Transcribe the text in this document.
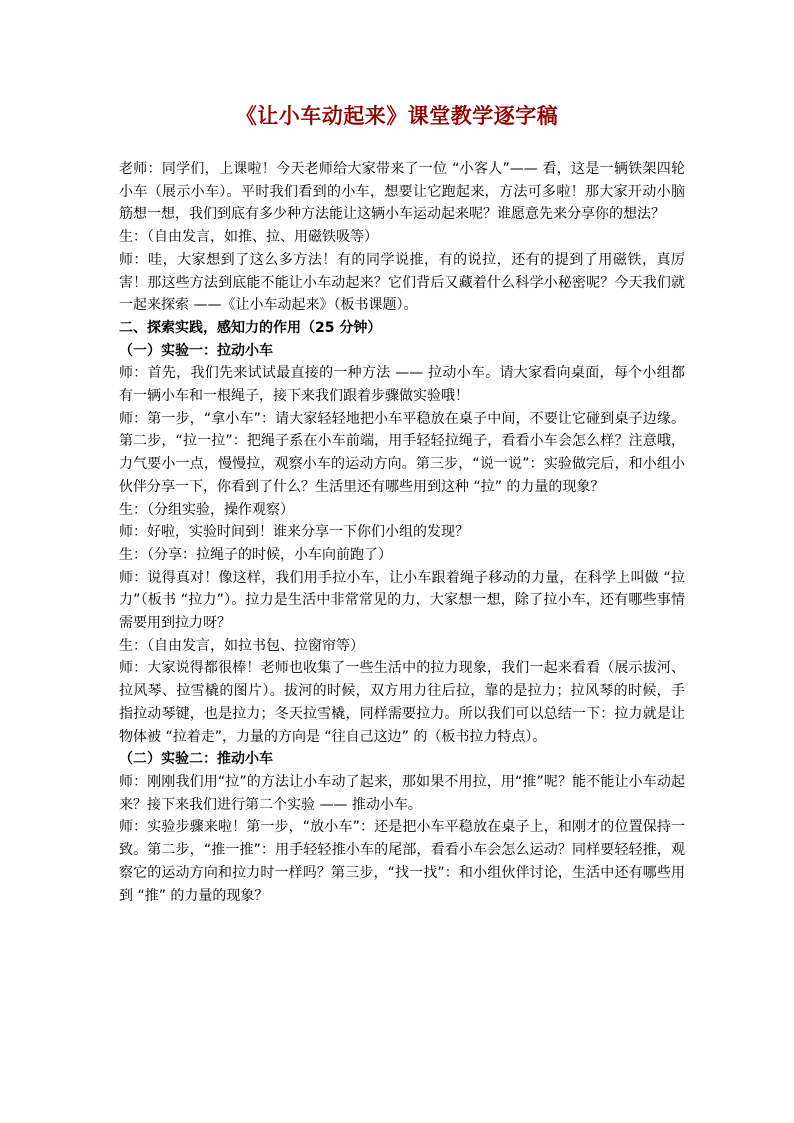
《让小车动起来》课堂教学逐字稿

老师：同学们，上课啦！今天老师给大家带来了一位 “小客人”—— 看，这是一辆铁架四轮小车（展示小车）。平时我们看到的小车，想要让它跑起来，方法可多啦！那大家开动小脑筋想一想，我们到底有多少种方法能让这辆小车运动起来呢？谁愿意先来分享你的想法？

生：（自由发言，如推、拉、用磁铁吸等）

师：哇，大家想到了这么多方法！有的同学说推，有的说拉，还有的提到了用磁铁，真厉害！那这些方法到底能不能让小车动起来？它们背后又藏着什么科学小秘密呢？今天我们就一起来探索 ——《让小车动起来》（板书课题）。

二、探索实践，感知力的作用（25 分钟）

（一）实验一：拉动小车

师：首先，我们先来试试最直接的一种方法 —— 拉动小车。请大家看向桌面，每个小组都有一辆小车和一根绳子，接下来我们跟着步骤做实验哦！

师：第一步，“拿小车”：请大家轻轻地把小车平稳放在桌子中间，不要让它碰到桌子边缘。第二步，“拉一拉”：把绳子系在小车前端，用手轻轻拉绳子，看看小车会怎么样？注意哦，力气要小一点，慢慢拉，观察小车的运动方向。第三步，“说一说”：实验做完后，和小组小伙伴分享一下，你看到了什么？生活里还有哪些用到这种 “拉” 的力量的现象？

生：（分组实验，操作观察）

师：好啦，实验时间到！谁来分享一下你们小组的发现？

生：（分享：拉绳子的时候，小车向前跑了）

师：说得真对！像这样，我们用手拉小车，让小车跟着绳子移动的力量，在科学上叫做 “拉力”（板书 “拉力”）。拉力是生活中非常常见的力，大家想一想，除了拉小车，还有哪些事情需要用到拉力呀？

生：（自由发言，如拉书包、拉窗帘等）

师：大家说得都很棒！老师也收集了一些生活中的拉力现象，我们一起来看看（展示拔河、拉风琴、拉雪橇的图片）。拔河的时候，双方用力往后拉，靠的是拉力；拉风琴的时候，手指拉动琴键，也是拉力；冬天拉雪橇，同样需要拉力。所以我们可以总结一下：拉力就是让物体被 “拉着走”，力量的方向是 “往自己这边” 的（板书拉力特点）。

（二）实验二：推动小车

师：刚刚我们用“拉”的方法让小车动了起来，那如果不用拉，用“推”呢？能不能让小车动起来？接下来我们进行第二个实验 —— 推动小车。

师：实验步骤来啦！第一步，“放小车”：还是把小车平稳放在桌子上，和刚才的位置保持一致。第二步，“推一推”：用手轻轻推小车的尾部，看看小车会怎么运动？同样要轻轻推，观察它的运动方向和拉力时一样吗？第三步，“找一找”：和小组伙伴讨论，生活中还有哪些用到 “推” 的力量的现象？
